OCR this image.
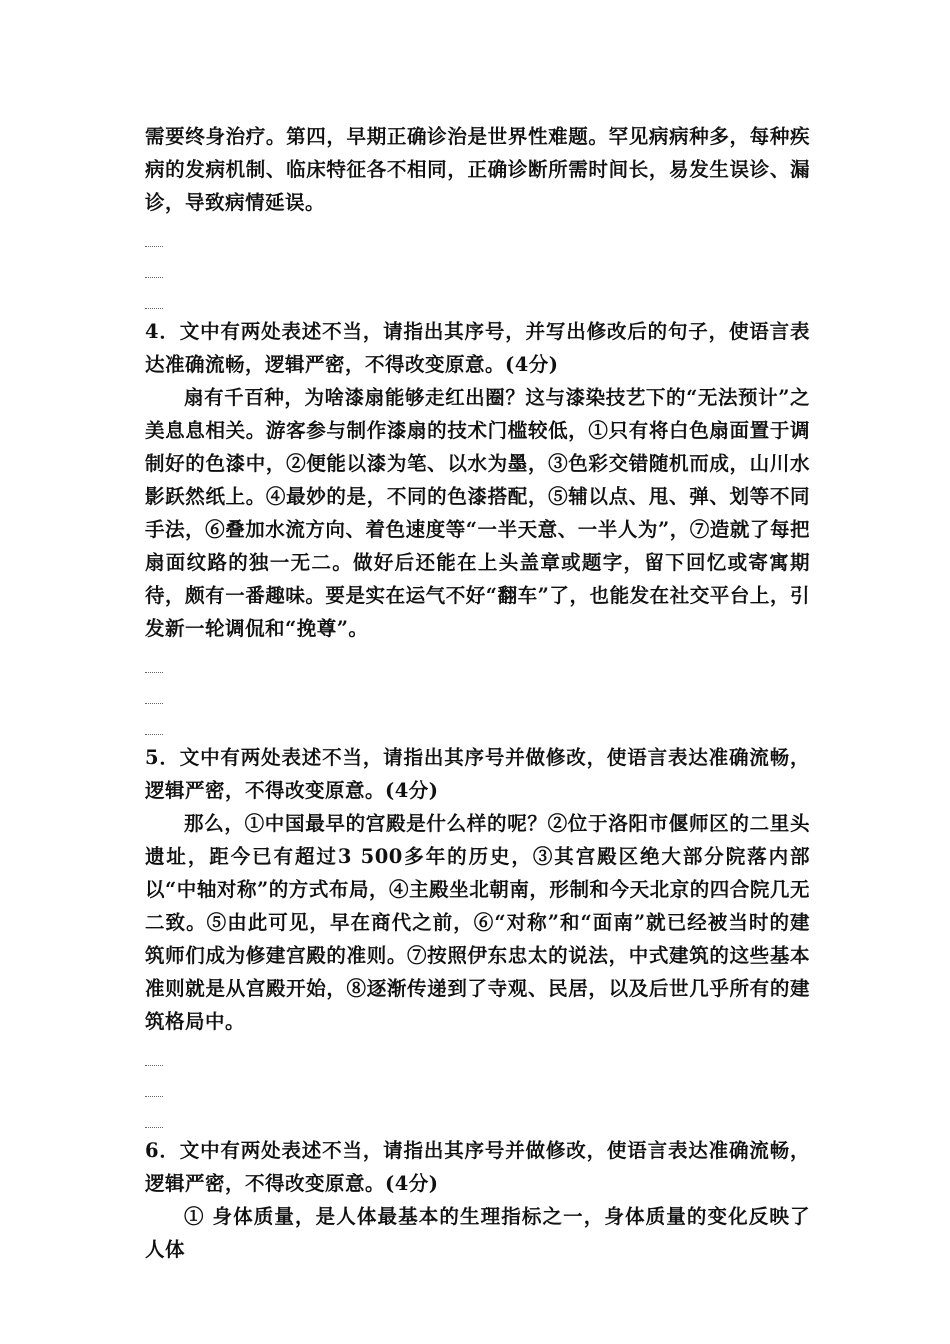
需要终身治疗。第四，早期正确诊治是世界性难题。罕见病病种多，每种疾病的发病机制、临床特征各不相同，正确诊断所需时间长，易发生误诊、漏诊，导致病情延误。

4．文中有两处表述不当，请指出其序号，并写出修改后的句子，使语言表达准确流畅，逻辑严密，不得改变原意。(4分)

扇有千百种，为啥漆扇能够走红出圈？这与漆染技艺下的“无法预计”之美息息相关。游客参与制作漆扇的技术门槛较低，①只有将白色扇面置于调制好的色漆中，②便能以漆为笔、以水为墨，③色彩交错随机而成，山川水影跃然纸上。④最妙的是，不同的色漆搭配，⑤辅以点、甩、弹、划等不同手法，⑥叠加水流方向、着色速度等“一半天意、一半人为”，⑦造就了每把扇面纹路的独一无二。做好后还能在上头盖章或题字，留下回忆或寄寓期待，颇有一番趣味。要是实在运气不好“翻车”了，也能发在社交平台上，引发新一轮调侃和“挽尊”。

5．文中有两处表述不当，请指出其序号并做修改，使语言表达准确流畅，逻辑严密，不得改变原意。(4分)

那么，①中国最早的宫殿是什么样的呢？②位于洛阳市偃师区的二里头遗址，距今已有超过3 500多年的历史，③其宫殿区绝大部分院落内部以“中轴对称”的方式布局，④主殿坐北朝南，形制和今天北京的四合院几无二致。⑤由此可见，早在商代之前，⑥“对称”和“面南”就已经被当时的建筑师们成为修建宫殿的准则。⑦按照伊东忠太的说法，中式建筑的这些基本准则就是从宫殿开始，⑧逐渐传递到了寺观、民居，以及后世几乎所有的建筑格局中。

6．文中有两处表述不当，请指出其序号并做修改，使语言表达准确流畅，逻辑严密，不得改变原意。(4分)

① 身体质量，是人体最基本的生理指标之一，身体质量的变化反映了人体
